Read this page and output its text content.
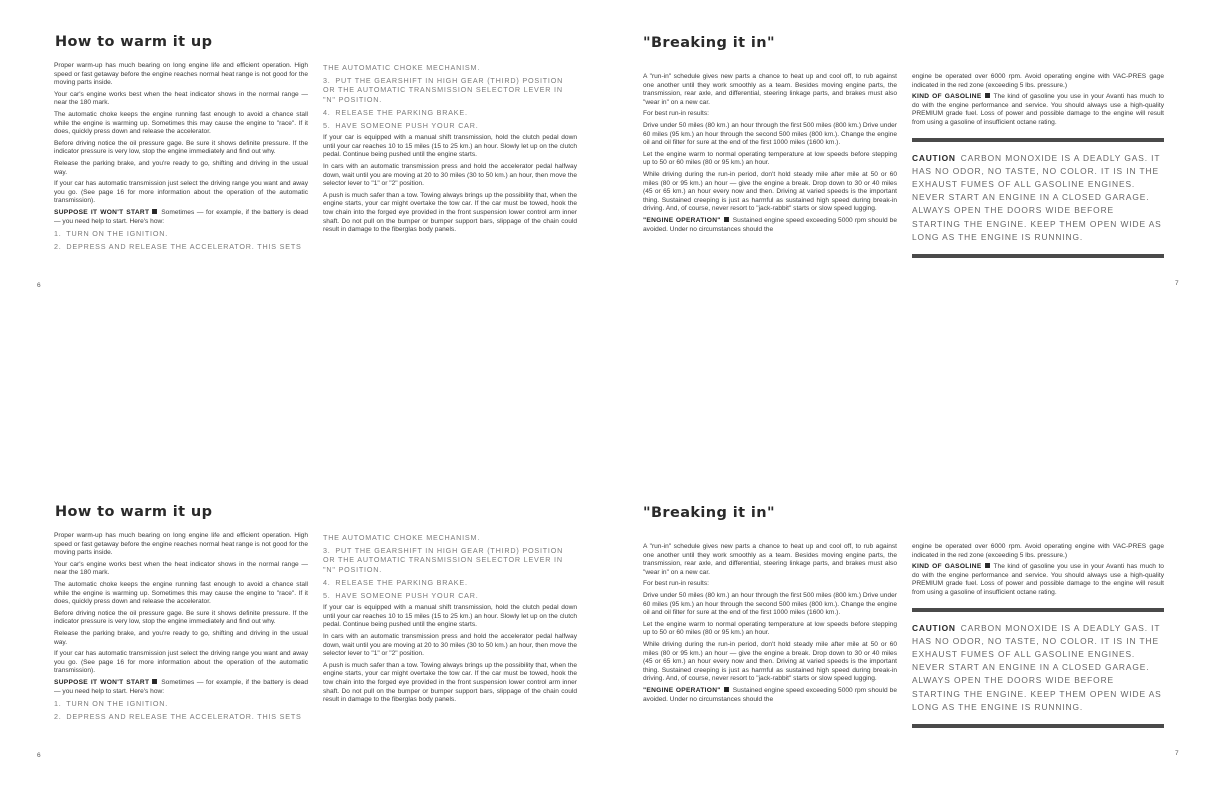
How to warm it up

Proper warm-up has much bearing on long engine life and efficient operation. High speed or fast getaway before the engine reaches normal heat range is not good for the moving parts inside.

Your car's engine works best when the heat indicator shows in the normal range — near the 180 mark.

The automatic choke keeps the engine running fast enough to avoid a chance stall while the engine is warming up. Sometimes this may cause the engine to "race". If it does, quickly press down and release the accelerator.

Before driving notice the oil pressure gage. Be sure it shows definite pressure. If the indicator pressure is very low, stop the engine immediately and find out why.

Release the parking brake, and you're ready to go, shifting and driving in the usual way.

If your car has automatic transmission just select the driving range you want and away you go. (See page 16 for more information about the operation of the automatic transmission).

SUPPOSE IT WON'T START Sometimes — for example, if the battery is dead — you need help to start. Here's how:

1. TURN ON THE IGNITION.
2. DEPRESS AND RELEASE THE ACCELERATOR. THIS SETS
THE AUTOMATIC CHOKE MECHANISM.
3. PUT THE GEARSHIFT IN HIGH GEAR (THIRD) POSITION OR THE AUTOMATIC TRANSMISSION SELECTOR LEVER IN "N" POSITION.
4. RELEASE THE PARKING BRAKE.
5. HAVE SOMEONE PUSH YOUR CAR.

If your car is equipped with a manual shift transmission, hold the clutch pedal down until your car reaches 10 to 15 miles (15 to 25 km.) an hour. Slowly let up on the clutch pedal. Continue being pushed until the engine starts.

In cars with an automatic transmission press and hold the accelerator pedal halfway down, wait until you are moving at 20 to 30 miles (30 to 50 km.) an hour, then move the selector lever to "1" or "2" position.

A push is much safer than a tow. Towing always brings up the possibility that, when the engine starts, your car might overtake the tow car. If the car must be towed, hook the tow chain into the forged eye provided in the front suspension lower control arm inner shaft. Do not pull on the bumper or bumper support bars, slippage of the chain could result in damage to the fiberglas body panels.

6
"Breaking it in"

A "run-in" schedule gives new parts a chance to heat up and cool off, to rub against one another until they work smoothly as a team. Besides moving engine parts, the transmission, rear axle, and differential, steering linkage parts, and brakes must also "wear in" on a new car.

For best run-in results:

Drive under 50 miles (80 km.) an hour through the first 500 miles (800 km.) Drive under 60 miles (95 km.) an hour through the second 500 miles (800 km.). Change the engine oil and oil filter for sure at the end of the first 1000 miles (1600 km.).

Let the engine warm to normal operating temperature at low speeds before stepping up to 50 or 60 miles (80 or 95 km.) an hour.

While driving during the run-in period, don't hold steady mile after mile at 50 or 60 miles (80 or 95 km.) an hour — give the engine a break. Drop down to 30 or 40 miles (45 or 65 km.) an hour every now and then. Driving at varied speeds is the important thing. Sustained creeping is just as harmful as sustained high speed during break-in driving. And, of course, never resort to "jack-rabbit" starts or slow speed lugging.

"ENGINE OPERATION" Sustained engine speed exceeding 5000 rpm should be avoided. Under no circumstances should the

engine be operated over 6000 rpm. Avoid operating engine with VAC-PRES gage indicated in the red zone (exceeding 5 lbs. pressure.)

KIND OF GASOLINE The kind of gasoline you use in your Avanti has much to do with the engine performance and service. You should always use a high-quality PREMIUM grade fuel. Loss of power and possible damage to the engine will result from using a gasoline of insufficient octane rating.

CAUTION CARBON MONOXIDE IS A DEADLY GAS. IT HAS NO ODOR, NO TASTE, NO COLOR. IT IS IN THE EXHAUST FUMES OF ALL GASOLINE ENGINES. NEVER START AN ENGINE IN A CLOSED GARAGE. ALWAYS OPEN THE DOORS WIDE BEFORE STARTING THE ENGINE. KEEP THEM OPEN WIDE AS LONG AS THE ENGINE IS RUNNING.

7
How to warm it up

Proper warm-up has much bearing on long engine life and efficient operation. High speed or fast getaway before the engine reaches normal heat range is not good for the moving parts inside.

Your car's engine works best when the heat indicator shows in the normal range — near the 180 mark.

The automatic choke keeps the engine running fast enough to avoid a chance stall while the engine is warming up. Sometimes this may cause the engine to "race". If it does, quickly press down and release the accelerator.

Before driving notice the oil pressure gage. Be sure it shows definite pressure. If the indicator pressure is very low, stop the engine immediately and find out why.

Release the parking brake, and you're ready to go, shifting and driving in the usual way.

If your car has automatic transmission just select the driving range you want and away you go. (See page 16 for more information about the operation of the automatic transmission).

SUPPOSE IT WON'T START Sometimes — for example, if the battery is dead — you need help to start. Here's how:

1. TURN ON THE IGNITION.
2. DEPRESS AND RELEASE THE ACCELERATOR. THIS SETS
THE AUTOMATIC CHOKE MECHANISM.
3. PUT THE GEARSHIFT IN HIGH GEAR (THIRD) POSITION OR THE AUTOMATIC TRANSMISSION SELECTOR LEVER IN "N" POSITION.
4. RELEASE THE PARKING BRAKE.
5. HAVE SOMEONE PUSH YOUR CAR.

If your car is equipped with a manual shift transmission, hold the clutch pedal down until your car reaches 10 to 15 miles (15 to 25 km.) an hour. Slowly let up on the clutch pedal. Continue being pushed until the engine starts.

In cars with an automatic transmission press and hold the accelerator pedal halfway down, wait until you are moving at 20 to 30 miles (30 to 50 km.) an hour, then move the selector lever to "1" or "2" position.

A push is much safer than a tow. Towing always brings up the possibility that, when the engine starts, your car might overtake the tow car. If the car must be towed, hook the tow chain into the forged eye provided in the front suspension lower control arm inner shaft. Do not pull on the bumper or bumper support bars, slippage of the chain could result in damage to the fiberglas body panels.

6
"Breaking it in"

A "run-in" schedule gives new parts a chance to heat up and cool off, to rub against one another until they work smoothly as a team. Besides moving engine parts, the transmission, rear axle, and differential, steering linkage parts, and brakes must also "wear in" on a new car.

For best run-in results:

Drive under 50 miles (80 km.) an hour through the first 500 miles (800 km.) Drive under 60 miles (95 km.) an hour through the second 500 miles (800 km.). Change the engine oil and oil filter for sure at the end of the first 1000 miles (1600 km.).

Let the engine warm to normal operating temperature at low speeds before stepping up to 50 or 60 miles (80 or 95 km.) an hour.

While driving during the run-in period, don't hold steady mile after mile at 50 or 60 miles (80 or 95 km.) an hour — give the engine a break. Drop down to 30 or 40 miles (45 or 65 km.) an hour every now and then. Driving at varied speeds is the important thing. Sustained creeping is just as harmful as sustained high speed during break-in driving. And, of course, never resort to "jack-rabbit" starts or slow speed lugging.

"ENGINE OPERATION" Sustained engine speed exceeding 5000 rpm should be avoided. Under no circumstances should the

engine be operated over 6000 rpm. Avoid operating engine with VAC-PRES gage indicated in the red zone (exceeding 5 lbs. pressure.)

KIND OF GASOLINE The kind of gasoline you use in your Avanti has much to do with the engine performance and service. You should always use a high-quality PREMIUM grade fuel. Loss of power and possible damage to the engine will result from using a gasoline of insufficient octane rating.

CAUTION CARBON MONOXIDE IS A DEADLY GAS. IT HAS NO ODOR, NO TASTE, NO COLOR. IT IS IN THE EXHAUST FUMES OF ALL GASOLINE ENGINES. NEVER START AN ENGINE IN A CLOSED GARAGE. ALWAYS OPEN THE DOORS WIDE BEFORE STARTING THE ENGINE. KEEP THEM OPEN WIDE AS LONG AS THE ENGINE IS RUNNING.

7
